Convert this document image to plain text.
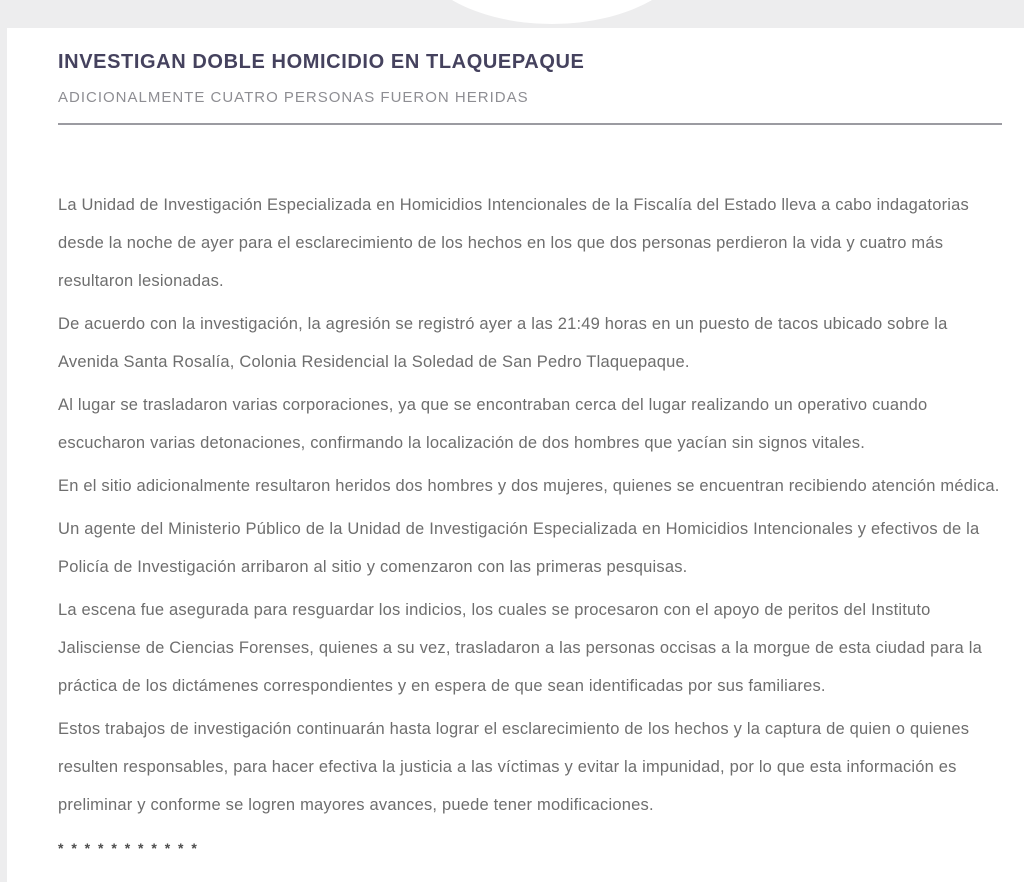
INVESTIGAN DOBLE HOMICIDIO EN TLAQUEPAQUE
ADICIONALMENTE CUATRO PERSONAS FUERON HERIDAS

La Unidad de Investigación Especializada en Homicidios Intencionales de la Fiscalía del Estado lleva a cabo indagatorias desde la noche de ayer para el esclarecimiento de los hechos en los que dos personas perdieron la vida y cuatro más resultaron lesionadas.

De acuerdo con la investigación, la agresión se registró ayer a las 21:49 horas en un puesto de tacos ubicado sobre la Avenida Santa Rosalía, Colonia Residencial la Soledad de San Pedro Tlaquepaque.

Al lugar se trasladaron varias corporaciones, ya que se encontraban cerca del lugar realizando un operativo cuando escucharon varias detonaciones, confirmando la localización de dos hombres que yacían sin signos vitales.

En el sitio adicionalmente resultaron heridos dos hombres y dos mujeres, quienes se encuentran recibiendo atención médica.

Un agente del Ministerio Público de la Unidad de Investigación Especializada en Homicidios Intencionales y efectivos de la Policía de Investigación arribaron al sitio y comenzaron con las primeras pesquisas.

La escena fue asegurada para resguardar los indicios, los cuales se procesaron con el apoyo de peritos del Instituto Jalisciense de Ciencias Forenses, quienes a su vez, trasladaron a las personas occisas a la morgue de esta ciudad para la práctica de los dictámenes correspondientes y en espera de que sean identificadas por sus familiares.

Estos trabajos de investigación continuarán hasta lograr el esclarecimiento de los hechos y la captura de quien o quienes resulten responsables, para hacer efectiva la justicia a las víctimas y evitar la impunidad, por lo que esta información es preliminar y conforme se logren mayores avances, puede tener modificaciones.

* * * * * * * * * * *
